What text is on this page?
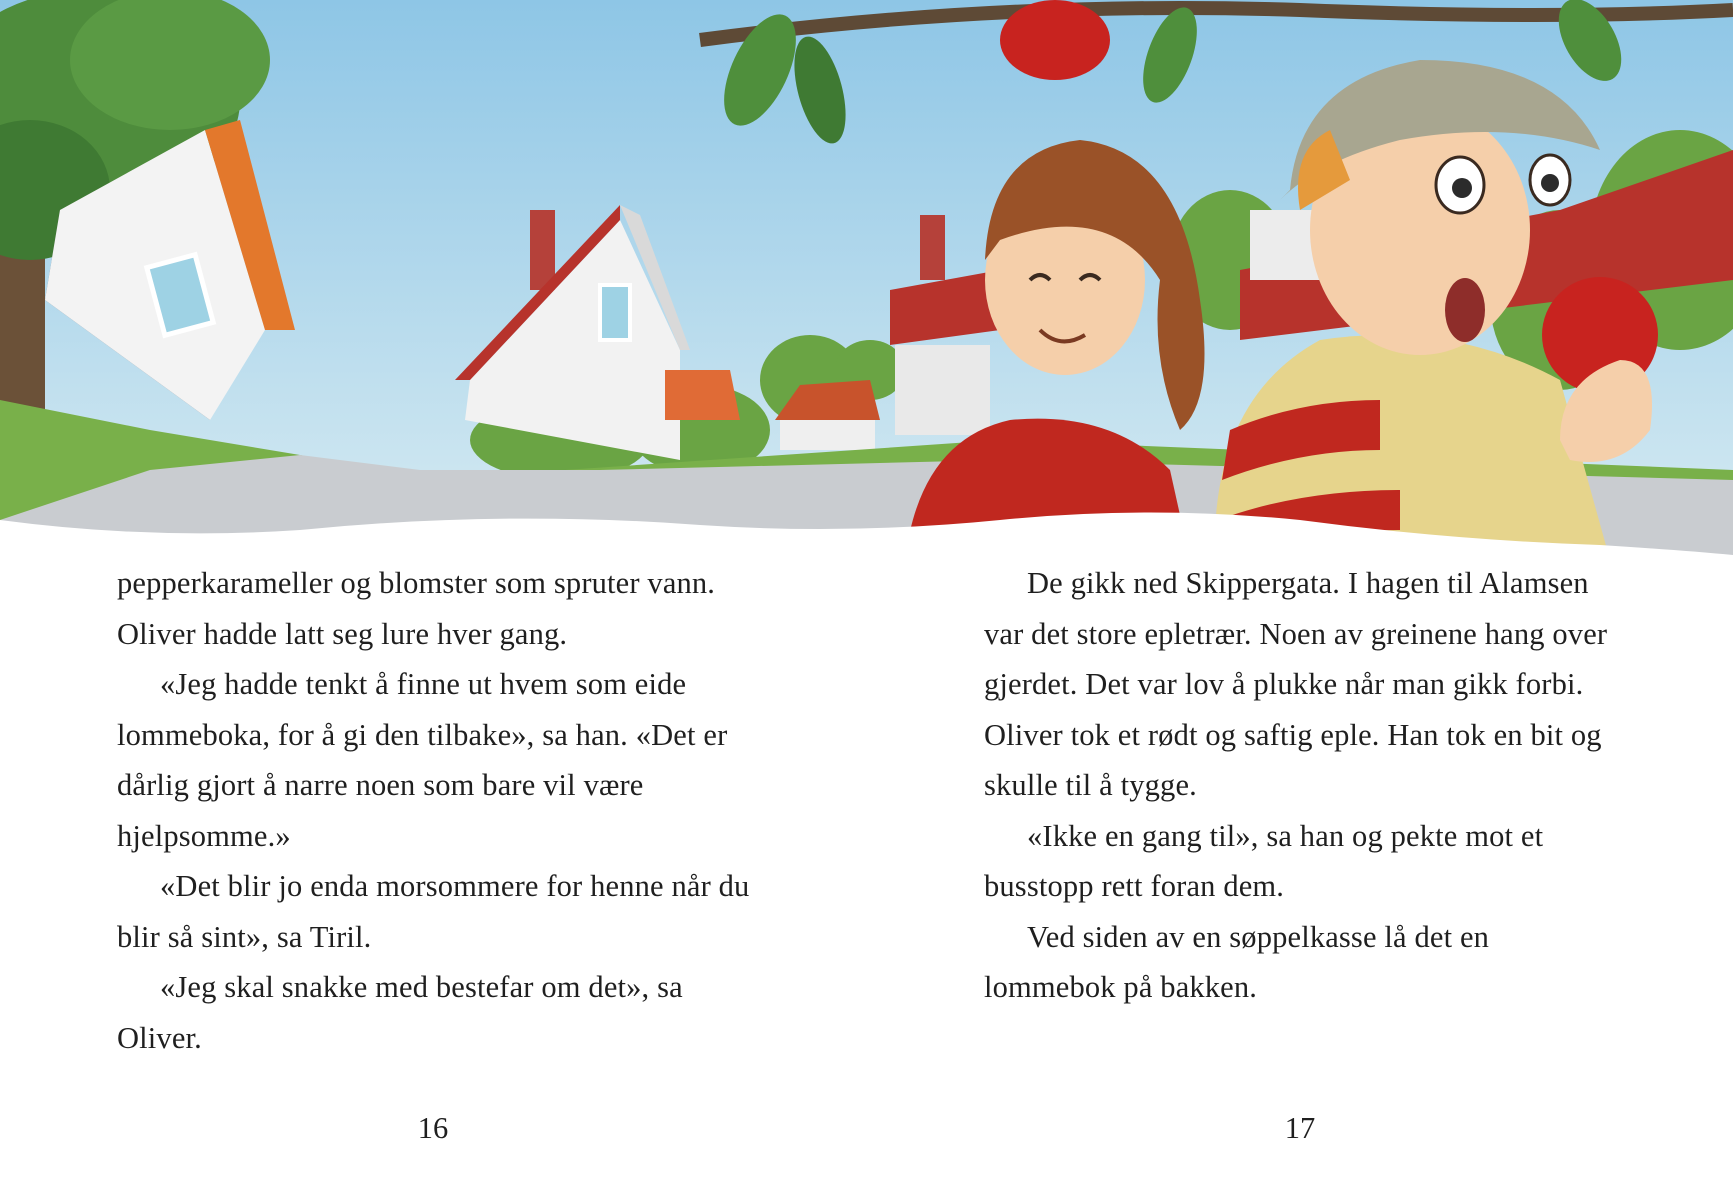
pepperkarameller og blomster som spruter vann. Oliver hadde latt seg lure hver gang.

«Jeg hadde tenkt å finne ut hvem som eide lommeboka, for å gi den tilbake», sa han. «Det er dårlig gjort å narre noen som bare vil være hjelpsomme.»

«Det blir jo enda morsommere for henne når du blir så sint», sa Tiril.

«Jeg skal snakke med bestefar om det», sa Oliver.

De gikk ned Skippergata. I hagen til Alamsen var det store epletrær. Noen av greinene hang over gjerdet. Det var lov å plukke når man gikk forbi. Oliver tok et rødt og saftig eple. Han tok en bit og skulle til å tygge.

«Ikke en gang til», sa han og pekte mot et busstopp rett foran dem.

Ved siden av en søppelkasse lå det en lommebok på bakken.

16	17
